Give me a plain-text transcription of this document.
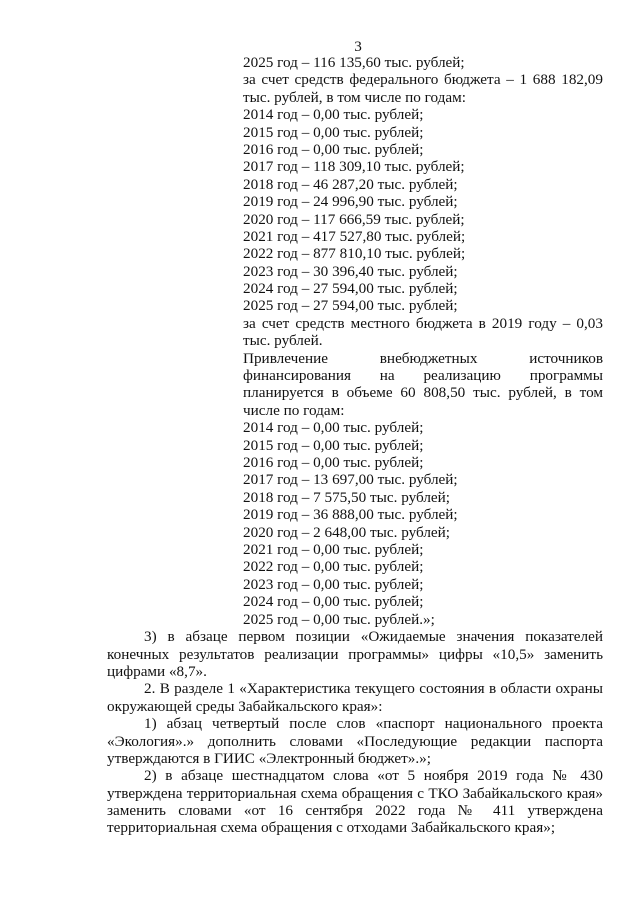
3
2025 год – 116 135,60 тыс. рублей;
за счет средств федерального бюджета – 1 688 182,09
тыс. рублей, в том числе по годам:
2014 год – 0,00 тыс. рублей;
2015 год – 0,00 тыс. рублей;
2016 год – 0,00 тыс. рублей;
2017 год – 118 309,10 тыс. рублей;
2018 год – 46 287,20 тыс. рублей;
2019 год – 24 996,90 тыс. рублей;
2020 год – 117 666,59 тыс. рублей;
2021 год – 417 527,80 тыс. рублей;
2022 год – 877 810,10 тыс. рублей;
2023 год – 30 396,40 тыс. рублей;
2024 год – 27 594,00 тыс. рублей;
2025 год – 27 594,00 тыс. рублей;
за счет средств местного бюджета в 2019 году – 0,03
тыс. рублей.
Привлечение внебюджетных источников
финансирования на реализацию программы
планируется в объеме 60 808,50 тыс. рублей, в том
числе по годам:
2014 год – 0,00 тыс. рублей;
2015 год – 0,00 тыс. рублей;
2016 год – 0,00 тыс. рублей;
2017 год – 13 697,00 тыс. рублей;
2018 год – 7 575,50 тыс. рублей;
2019 год – 36 888,00 тыс. рублей;
2020 год – 2 648,00 тыс. рублей;
2021 год – 0,00 тыс. рублей;
2022 год – 0,00 тыс. рублей;
2023 год – 0,00 тыс. рублей;
2024 год – 0,00 тыс. рублей;
2025 год – 0,00 тыс. рублей.»;
3) в абзаце первом позиции «Ожидаемые значения показателей
конечных результатов реализации программы» цифры «10,5» заменить
цифрами «8,7».
2. В разделе 1 «Характеристика текущего состояния в области охраны
окружающей среды Забайкальского края»:
1) абзац четвертый после слов «паспорт национального проекта
«Экология».» дополнить словами «Последующие редакции паспорта
утверждаются в ГИИС «Электронный бюджет».»;
2) в абзаце шестнадцатом слова «от 5 ноября 2019 года № 430
утверждена территориальная схема обращения с ТКО Забайкальского края»
заменить словами «от 16 сентября 2022 года № 411 утверждена
территориальная схема обращения с отходами Забайкальского края»;
